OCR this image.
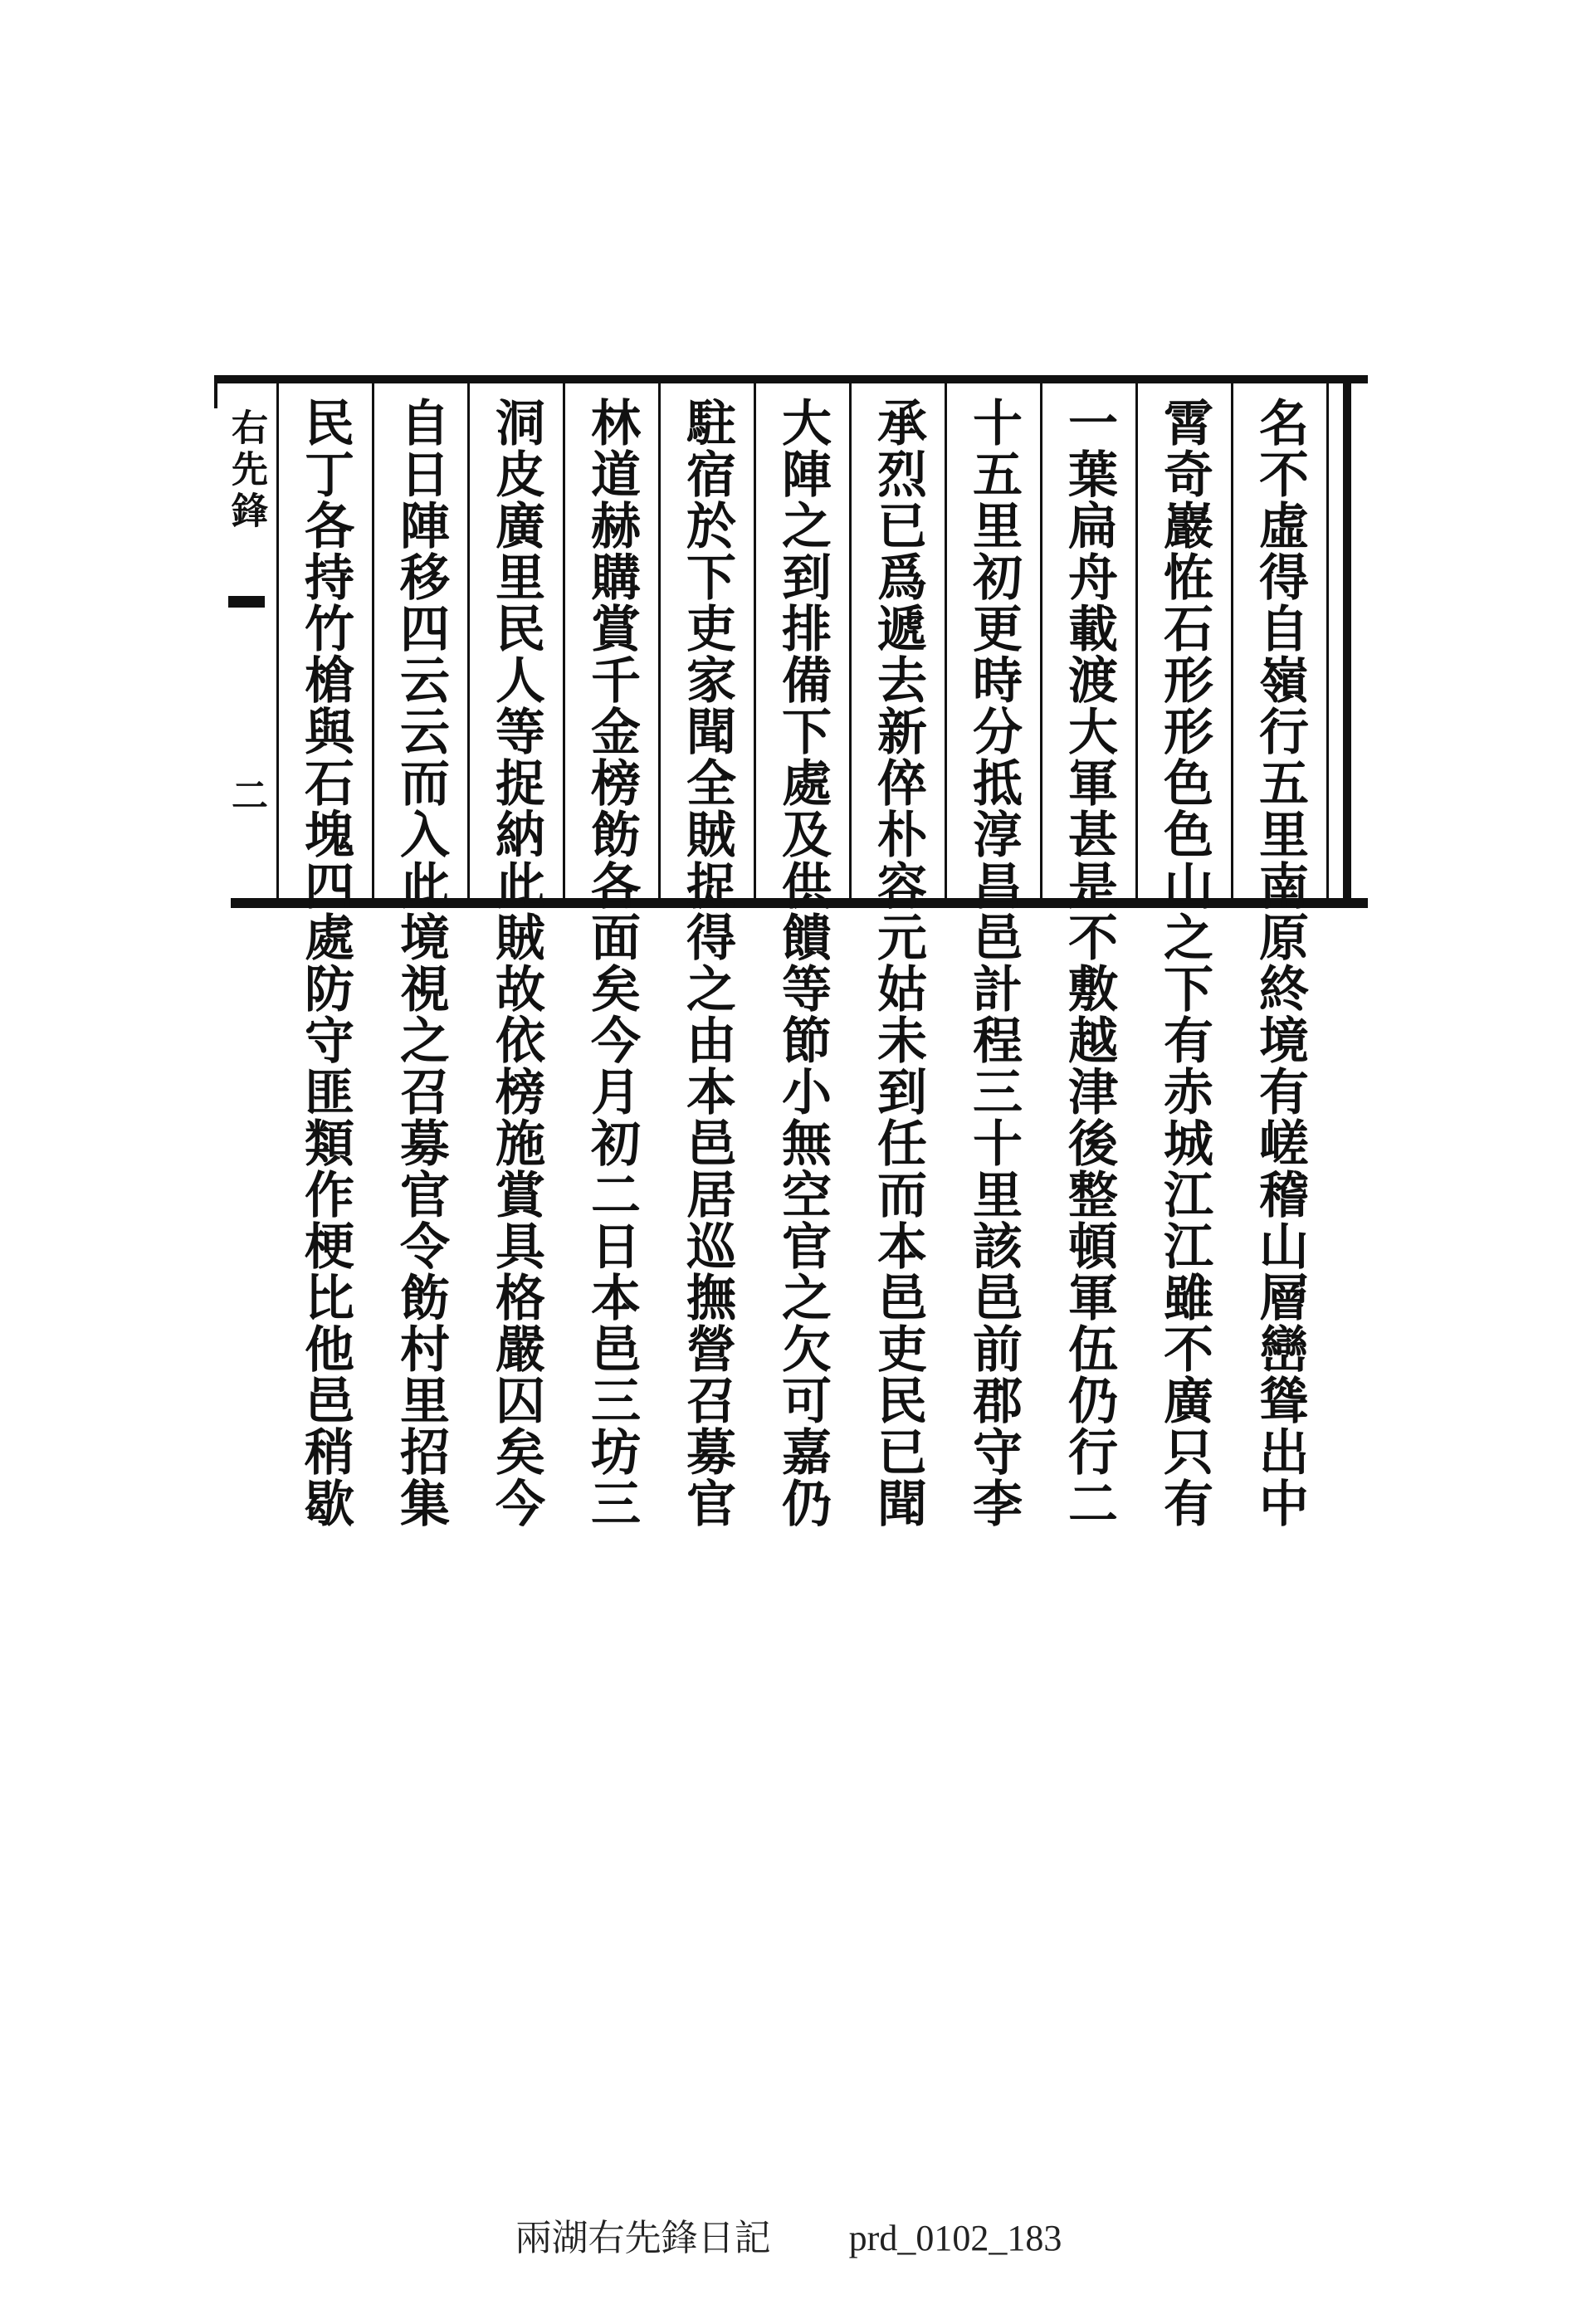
右先鋒
二	名不虛得自嶺行五里南原終境有嵯稽山層巒聳出中
霄奇巖恠石形形色色山之下有赤城江江雖不廣只有
一葉扁舟載渡大軍甚是不敷越津後整頓軍伍仍行二
十五里初更時分抵淳昌邑計程三十里該邑前郡守李
承烈已爲遞去新倅朴容元姑未到任而本邑吏民已聞
大陣之到排備下處及供饋等節小無空官之欠可嘉仍
駐宿於下吏家聞全賊捉得之由本邑居巡撫營召募官
林道赫購賞千金榜飭各面矣今月初二日本邑三坊三
洞皮廣里民人等捉納此賊故依榜施賞具格嚴囚矣今
自日陣移四云云而入此境視之召募官令飭村里招集
民丁各持竹槍與石塊四處防守匪類作梗比他邑稍歇
兩湖右先鋒日記 prd_0102_183
